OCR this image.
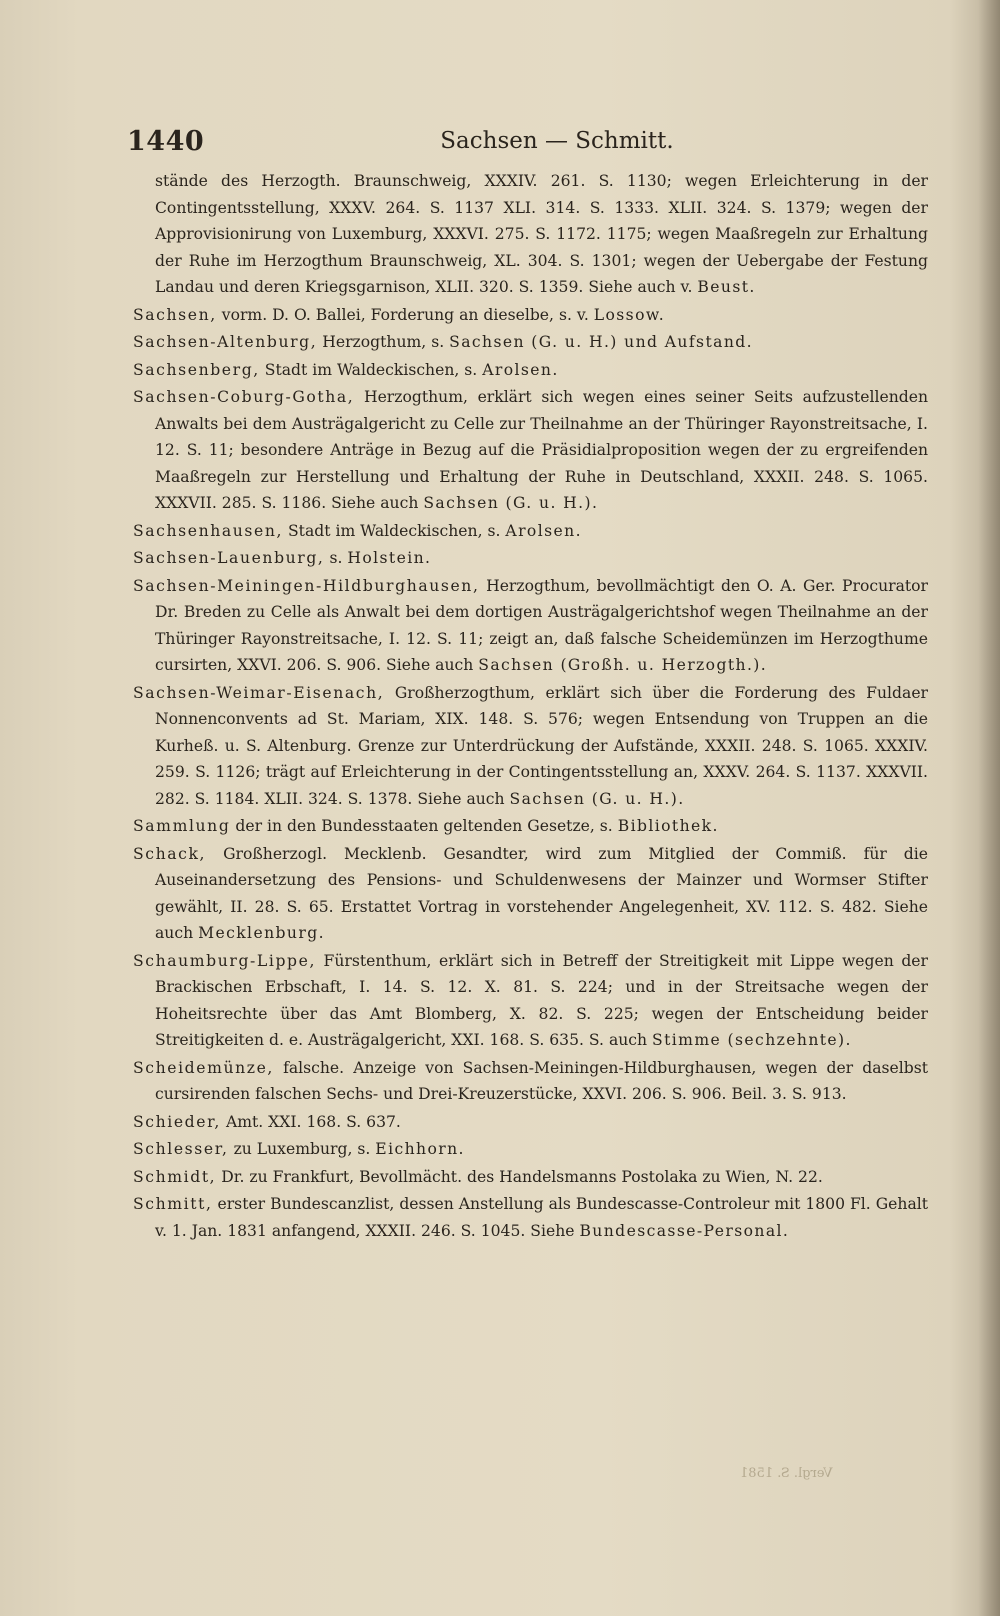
1440	Sachsen — Schmitt.

stände des Herzogth. Braunschweig, XXXIV. 261. S. 1130; wegen Erleichterung in der Contingentsstellung, XXXV. 264. S. 1137 XLI. 314. S. 1333. XLII. 324. S. 1379; wegen der Approvisionirung von Luxemburg, XXXVI. 275. S. 1172. 1175; wegen Maaßregeln zur Erhaltung der Ruhe im Herzogthum Braunschweig, XL. 304. S. 1301; wegen der Uebergabe der Festung Landau und deren Kriegsgarnison, XLII. 320. S. 1359. Siehe auch v. Beust.

Sachsen, vorm. D. O. Ballei, Forderung an dieselbe, s. v. Lossow.

Sachsen-Altenburg, Herzogthum, s. Sachsen (G. u. H.) und Aufstand.

Sachsenberg, Stadt im Waldeckischen, s. Arolsen.

Sachsen-Coburg-Gotha, Herzogthum, erklärt sich wegen eines seiner Seits aufzustellenden Anwalts bei dem Austrägalgericht zu Celle zur Theilnahme an der Thüringer Rayonstreitsache, I. 12. S. 11; besondere Anträge in Bezug auf die Präsidialproposition wegen der zu ergreifenden Maaßregeln zur Herstellung und Erhaltung der Ruhe in Deutschland, XXXII. 248. S. 1065. XXXVII. 285. S. 1186. Siehe auch Sachsen (G. u. H.).

Sachsenhausen, Stadt im Waldeckischen, s. Arolsen.

Sachsen-Lauenburg, s. Holstein.

Sachsen-Meiningen-Hildburghausen, Herzogthum, bevollmächtigt den O. A. Ger. Procurator Dr. Breden zu Celle als Anwalt bei dem dortigen Austrägalgerichtshof wegen Theilnahme an der Thüringer Rayonstreitsache, I. 12. S. 11; zeigt an, daß falsche Scheidemünzen im Herzogthume cursirten, XXVI. 206. S. 906. Siehe auch Sachsen (Großh. u. Herzogth.).

Sachsen-Weimar-Eisenach, Großherzogthum, erklärt sich über die Forderung des Fuldaer Nonnenconvents ad St. Mariam, XIX. 148. S. 576; wegen Entsendung von Truppen an die Kurheß. u. S. Altenburg. Grenze zur Unterdrückung der Aufstände, XXXII. 248. S. 1065. XXXIV. 259. S. 1126; trägt auf Erleichterung in der Contingentsstellung an, XXXV. 264. S. 1137. XXXVII. 282. S. 1184. XLII. 324. S. 1378. Siehe auch Sachsen (G. u. H.).

Sammlung der in den Bundesstaaten geltenden Gesetze, s. Bibliothek.

Schack, Großherzogl. Mecklenb. Gesandter, wird zum Mitglied der Commiß. für die Auseinandersetzung des Pensions- und Schuldenwesens der Mainzer und Wormser Stifter gewählt, II. 28. S. 65. Erstattet Vortrag in vorstehender Angelegenheit, XV. 112. S. 482. Siehe auch Mecklenburg.

Schaumburg-Lippe, Fürstenthum, erklärt sich in Betreff der Streitigkeit mit Lippe wegen der Brackischen Erbschaft, I. 14. S. 12. X. 81. S. 224; und in der Streitsache wegen der Hoheitsrechte über das Amt Blomberg, X. 82. S. 225; wegen der Entscheidung beider Streitigkeiten d. e. Austrägalgericht, XXI. 168. S. 635. S. auch Stimme (sechzehnte).

Scheidemünze, falsche. Anzeige von Sachsen-Meiningen-Hildburghausen, wegen der daselbst cursirenden falschen Sechs- und Drei-Kreuzerstücke, XXVI. 206. S. 906. Beil. 3. S. 913.

Schieder, Amt. XXI. 168. S. 637.

Schlesser, zu Luxemburg, s. Eichhorn.

Schmidt, Dr. zu Frankfurt, Bevollmächt. des Handelsmanns Postolaka zu Wien, N. 22.

Schmitt, erster Bundescanzlist, dessen Anstellung als Bundescasse-Controleur mit 1800 Fl. Gehalt v. 1. Jan. 1831 anfangend, XXXII. 246. S. 1045. Siehe Bundescasse-Personal.

Vergl. S. 1581
